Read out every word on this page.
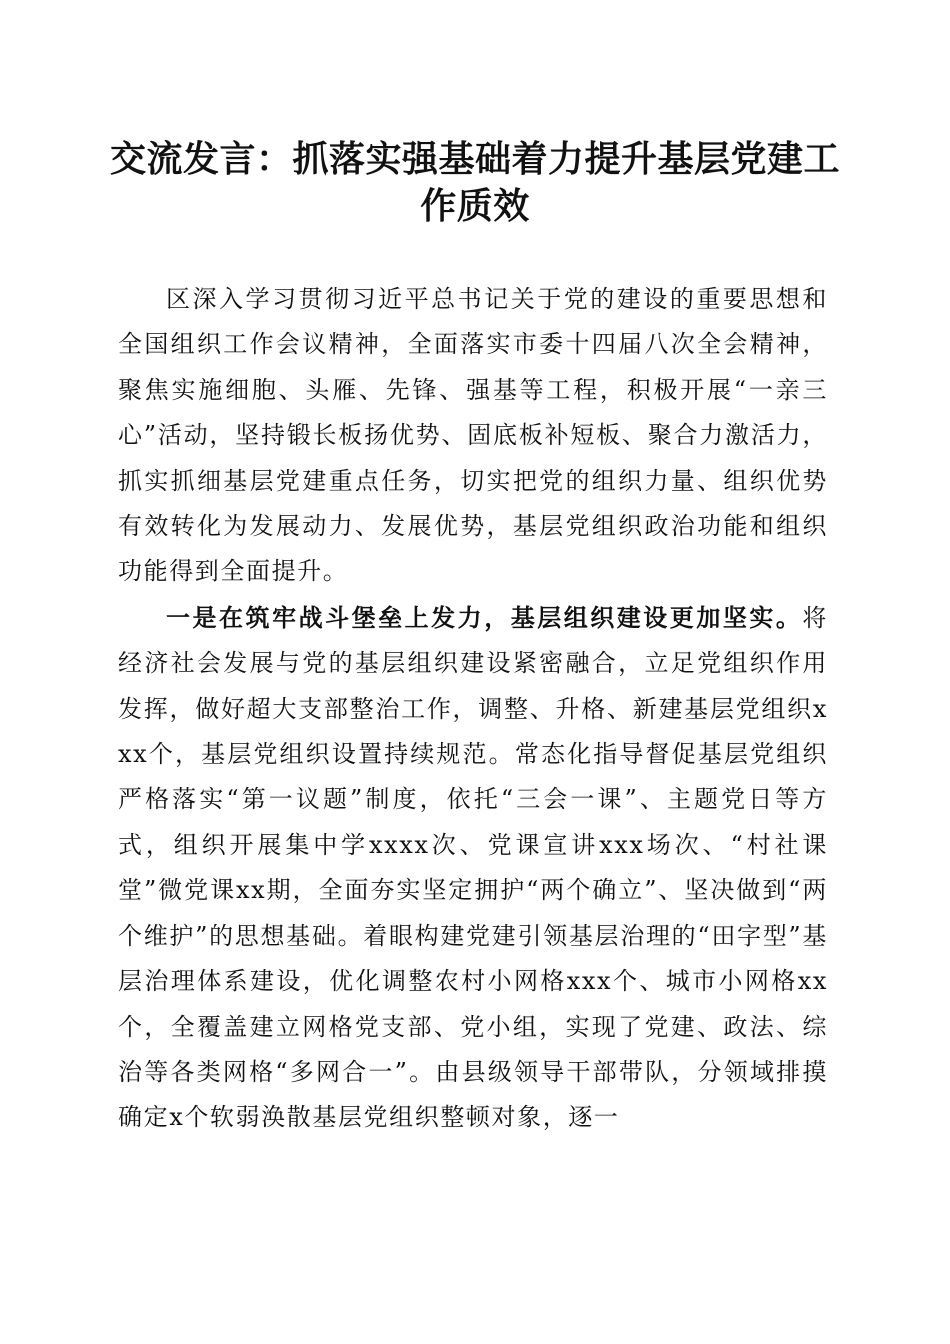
交流发言：抓落实强基础着力提升基层党建工作质效

区深入学习贯彻习近平总书记关于党的建设的重要思想和全国组织工作会议精神，全面落实市委十四届八次全会精神，聚焦实施细胞、头雁、先锋、强基等工程，积极开展“一亲三心”活动，坚持锻长板扬优势、固底板补短板、聚合力激活力，抓实抓细基层党建重点任务，切实把党的组织力量、组织优势有效转化为发展动力、发展优势，基层党组织政治功能和组织功能得到全面提升。

一是在筑牢战斗堡垒上发力，基层组织建设更加坚实。将经济社会发展与党的基层组织建设紧密融合，立足党组织作用发挥，做好超大支部整治工作，调整、升格、新建基层党组织xxx个，基层党组织设置持续规范。常态化指导督促基层党组织严格落实“第一议题”制度，依托“三会一课”、主题党日等方式，组织开展集中学xxxx次、党课宣讲xxx场次、“村社课堂”微党课xx期，全面夯实坚定拥护“两个确立”、坚决做到“两个维护”的思想基础。着眼构建党建引领基层治理的“田字型”基层治理体系建设，优化调整农村小网格xxx个、城市小网格xx个，全覆盖建立网格党支部、党小组，实现了党建、政法、综治等各类网格“多网合一”。由县级领导干部带队，分领域排摸确定x个软弱涣散基层党组织整顿对象，逐一
